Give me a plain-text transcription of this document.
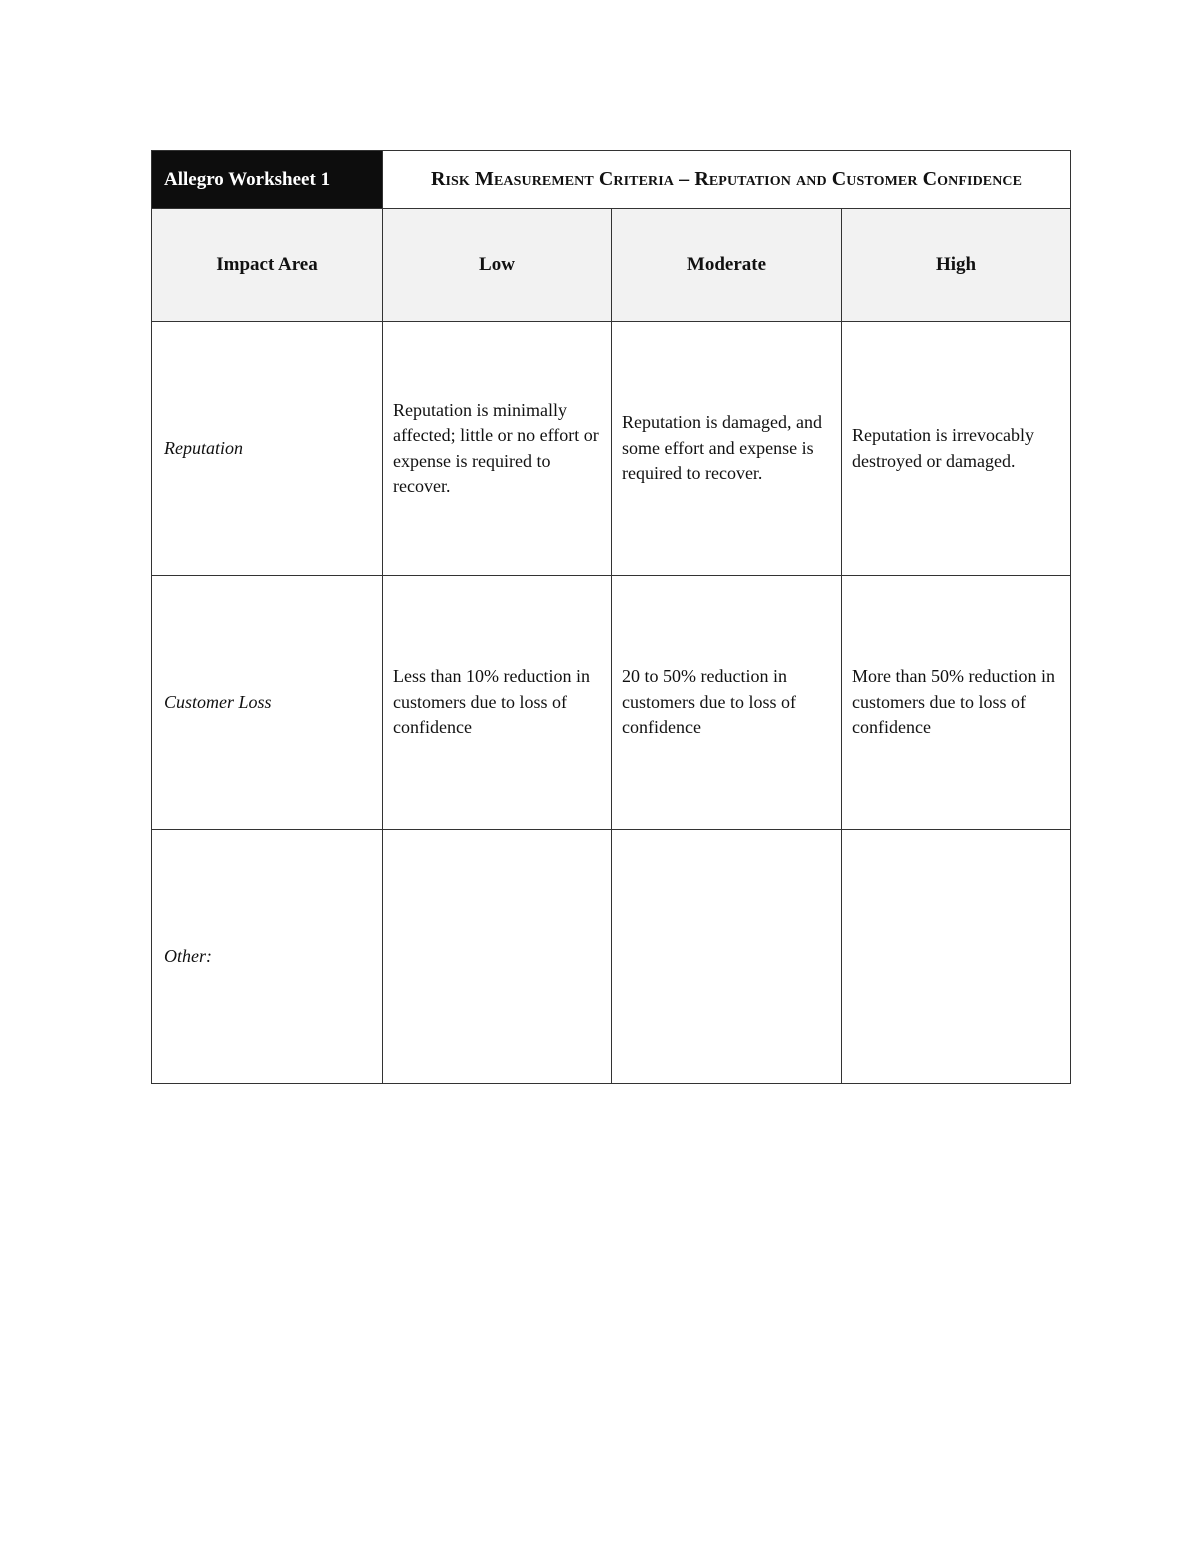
Allegro Worksheet 1	Risk Measurement Criteria – Reputation and Customer Confidence		
Impact Area	Low	Moderate	High
Reputation	Reputation is minimally affected; little or no effort or expense is required to recover.	Reputation is damaged, and some effort and expense is required to recover.	Reputation is irrevocably destroyed or damaged.
Customer Loss	Less than 10% reduction in customers due to loss of confidence	20 to 50% reduction in customers due to loss of confidence	More than 50% reduction in customers due to loss of confidence
Other:			
